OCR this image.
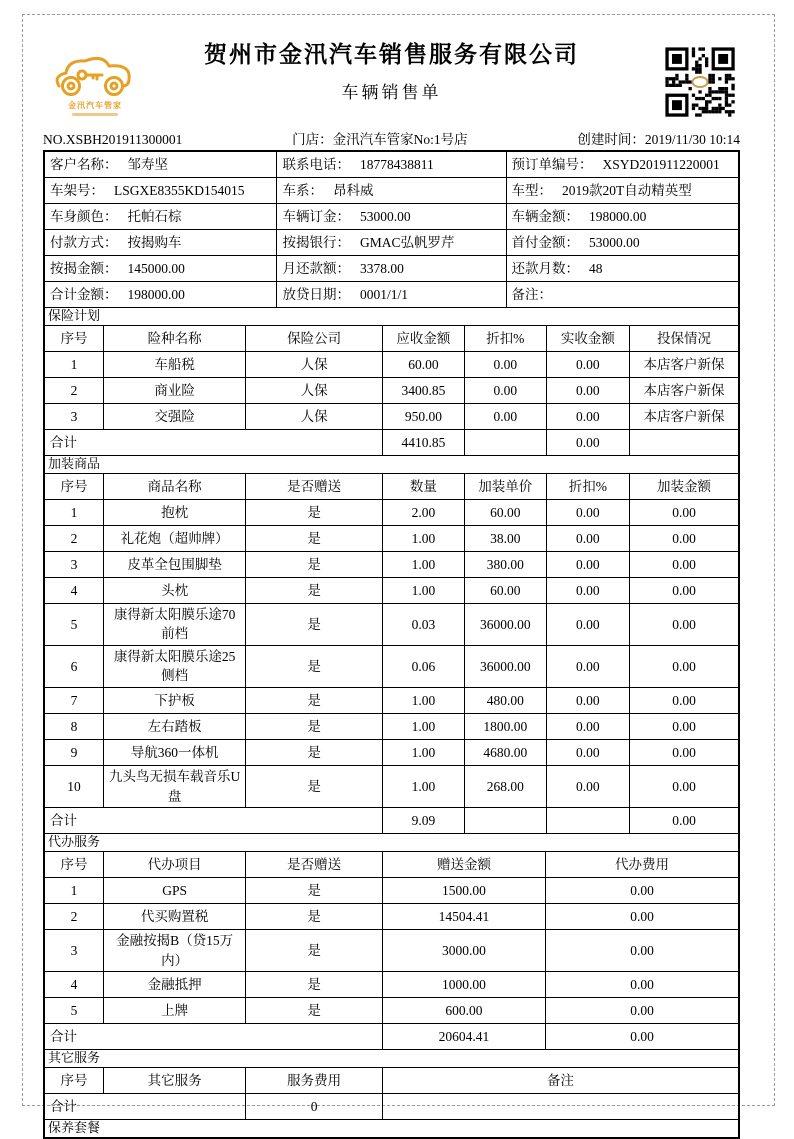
金汛汽车管家
贺州市金汛汽车销售服务有限公司
车辆销售单
NO.XSBH201911300001	门店：金汛汽车管家No:1号店	创建时间：2019/11/30 10:14
客户名称： 邹寿坚	联系电话： 18778438811	预订单编号： XSYD201911220001
车架号： LSGXE8355KD154015	车系： 昂科威	车型： 2019款20T自动精英型
车身颜色： 托帕石棕	车辆订金： 53000.00	车辆金额： 198000.00
付款方式： 按揭购车	按揭银行： GMAC弘帆罗芹	首付金额： 53000.00
按揭金额： 145000.00	月还款额： 3378.00	还款月数： 48
合计金额： 198000.00	放贷日期： 0001/1/1	备注：
保险计划						
序号	险种名称	保险公司	应收金额	折扣%	实收金额	投保情况
1	车船税	人保	60.00	0.00	0.00	本店客户新保
2	商业险	人保	3400.85	0.00	0.00	本店客户新保
3	交强险	人保	950.00	0.00	0.00	本店客户新保
合计			4410.85		0.00	
加装商品						
序号	商品名称	是否赠送	数量	加装单价	折扣%	加装金额
1	抱枕	是	2.00	60.00	0.00	0.00
2	礼花炮（超帅牌）	是	1.00	38.00	0.00	0.00
3	皮革全包围脚垫	是	1.00	380.00	0.00	0.00
4	头枕	是	1.00	60.00	0.00	0.00
5	康得新太阳膜乐途70前档	是	0.03	36000.00	0.00	0.00
6	康得新太阳膜乐途25侧档	是	0.06	36000.00	0.00	0.00
7	下护板	是	1.00	480.00	0.00	0.00
8	左右踏板	是	1.00	1800.00	0.00	0.00
9	导航360一体机	是	1.00	4680.00	0.00	0.00
10	九头鸟无损车载音乐U盘	是	1.00	268.00	0.00	0.00
合计			9.09			0.00
代办服务				
序号	代办项目	是否赠送	赠送金额	代办费用
1	GPS	是	1500.00	0.00
2	代买购置税	是	14504.41	0.00
3	金融按揭B（贷15万内）	是	3000.00	0.00
4	金融抵押	是	1000.00	0.00
5	上牌	是	600.00	0.00
合计			20604.41	0.00
其它服务			
序号	其它服务	服务费用	备注
合计		0	
保养套餐
